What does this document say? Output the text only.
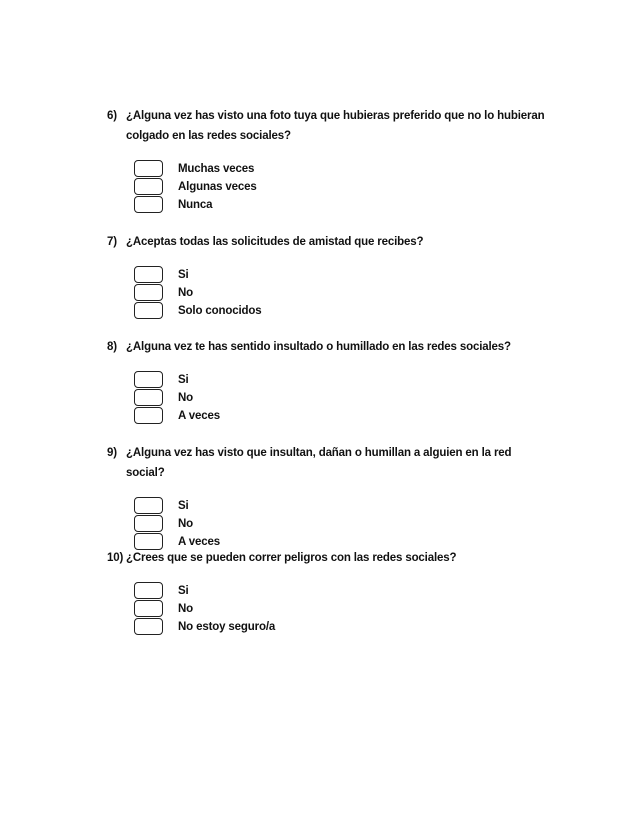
6) ¿Alguna vez has visto una foto tuya que hubieras preferido que no lo hubieran colgado en las redes sociales?
Muchas veces
Algunas veces
Nunca
7) ¿Aceptas todas las solicitudes de amistad que recibes?
Si
No
Solo conocidos
8) ¿Alguna vez te has sentido insultado o humillado en las redes sociales?
Si
No
A veces
9) ¿Alguna vez has visto que insultan, dañan o humillan a alguien en la red social?
Si
No
A veces
10) ¿Crees que se pueden correr peligros con las redes sociales?
Si
No
No estoy seguro/a
